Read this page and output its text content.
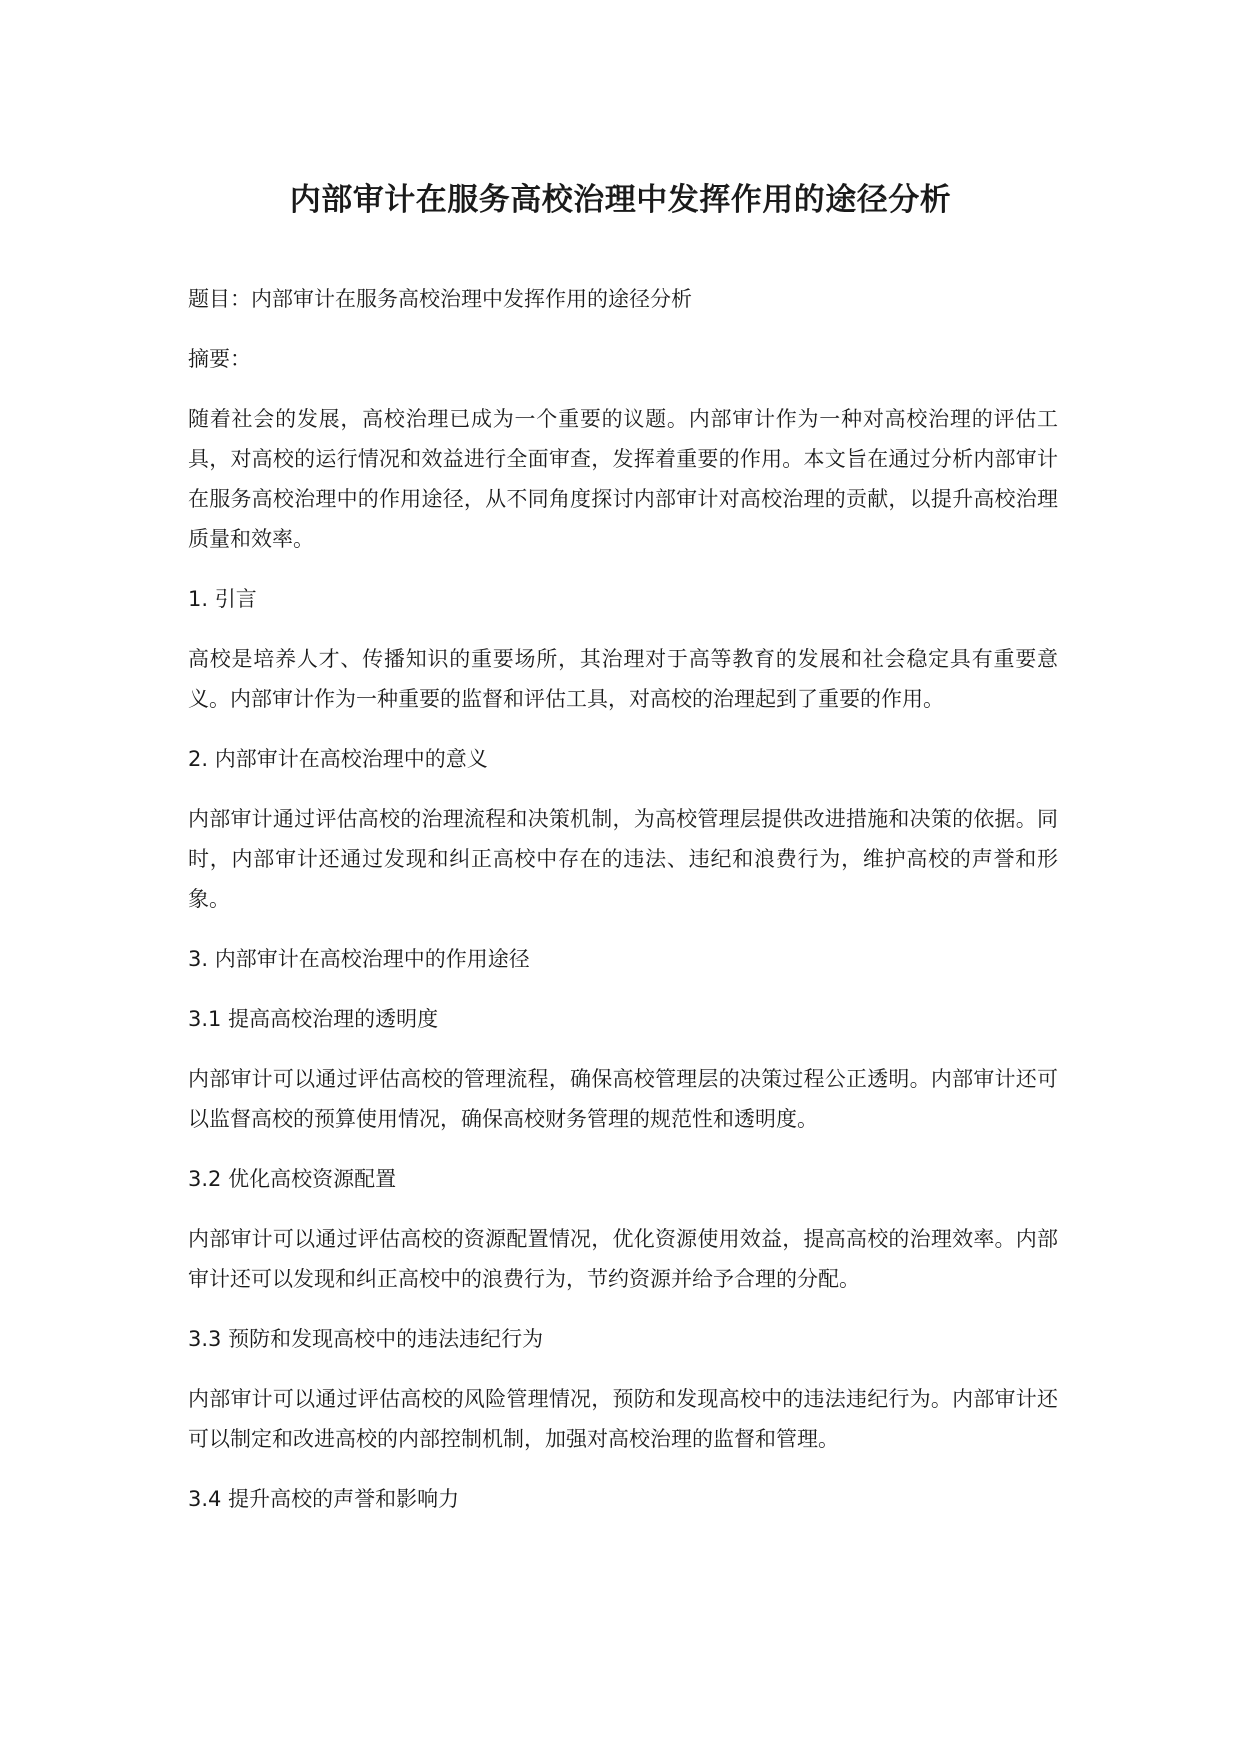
内部审计在服务高校治理中发挥作用的途径分析

题目：内部审计在服务高校治理中发挥作用的途径分析

摘要：

随着社会的发展，高校治理已成为一个重要的议题。内部审计作为一种对高校治理的评估工具，对高校的运行情况和效益进行全面审查，发挥着重要的作用。本文旨在通过分析内部审计在服务高校治理中的作用途径，从不同角度探讨内部审计对高校治理的贡献，以提升高校治理质量和效率。

1. 引言

高校是培养人才、传播知识的重要场所，其治理对于高等教育的发展和社会稳定具有重要意义。内部审计作为一种重要的监督和评估工具，对高校的治理起到了重要的作用。

2. 内部审计在高校治理中的意义

内部审计通过评估高校的治理流程和决策机制，为高校管理层提供改进措施和决策的依据。同时，内部审计还通过发现和纠正高校中存在的违法、违纪和浪费行为，维护高校的声誉和形象。

3. 内部审计在高校治理中的作用途径

3.1 提高高校治理的透明度

内部审计可以通过评估高校的管理流程，确保高校管理层的决策过程公正透明。内部审计还可以监督高校的预算使用情况，确保高校财务管理的规范性和透明度。

3.2 优化高校资源配置

内部审计可以通过评估高校的资源配置情况，优化资源使用效益，提高高校的治理效率。内部审计还可以发现和纠正高校中的浪费行为，节约资源并给予合理的分配。

3.3 预防和发现高校中的违法违纪行为

内部审计可以通过评估高校的风险管理情况，预防和发现高校中的违法违纪行为。内部审计还可以制定和改进高校的内部控制机制，加强对高校治理的监督和管理。

3.4 提升高校的声誉和影响力
